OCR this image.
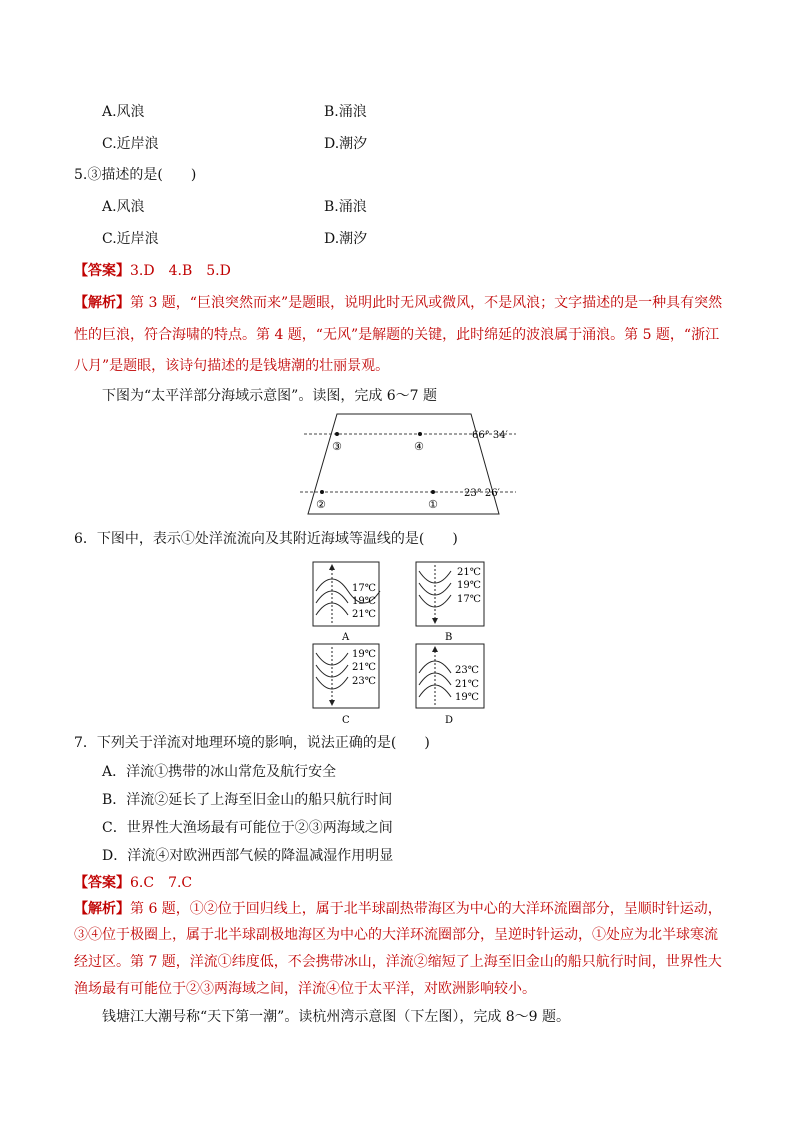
A.风浪	B.涌浪
C.近岸浪	D.潮汐
5.③描述的是(　　)
A.风浪	B.涌浪
C.近岸浪	D.潮汐
【答案】3.D　4.B　5.D
【解析】第 3 题，“巨浪突然而来”是题眼，说明此时无风或微风，不是风浪；文字描述的是一种具有突然
性的巨浪，符合海啸的特点。第 4 题，“无风”是解题的关键，此时绵延的波浪属于涌浪。第 5 题，“浙江
八月”是题眼，该诗句描述的是钱塘潮的壮丽景观。
下图为“太平洋部分海域示意图”。读图，完成 6～7 题
③	④
②	①
66° 34′
23° 26′
6．下图中，表示①处洋流流向及其附近海域等温线的是(　　)
17℃
19℃
21℃
A
21℃
19℃
17℃
B
19℃
21℃
23℃
C
23℃
21℃
19℃
D
7．下列关于洋流对地理环境的影响，说法正确的是(　　)
A．洋流①携带的冰山常危及航行安全
B．洋流②延长了上海至旧金山的船只航行时间
C．世界性大渔场最有可能位于②③两海域之间
D．洋流④对欧洲西部气候的降温减湿作用明显
【答案】6.C　7.C
【解析】第 6 题，①②位于回归线上，属于北半球副热带海区为中心的大洋环流圈部分，呈顺时针运动，
③④位于极圈上，属于北半球副极地海区为中心的大洋环流圈部分，呈逆时针运动，①处应为北半球寒流
经过区。第 7 题，洋流①纬度低，不会携带冰山，洋流②缩短了上海至旧金山的船只航行时间，世界性大
渔场最有可能位于②③两海域之间，洋流④位于太平洋，对欧洲影响较小。
钱塘江大潮号称“天下第一潮”。读杭州湾示意图（下左图），完成 8～9 题。
